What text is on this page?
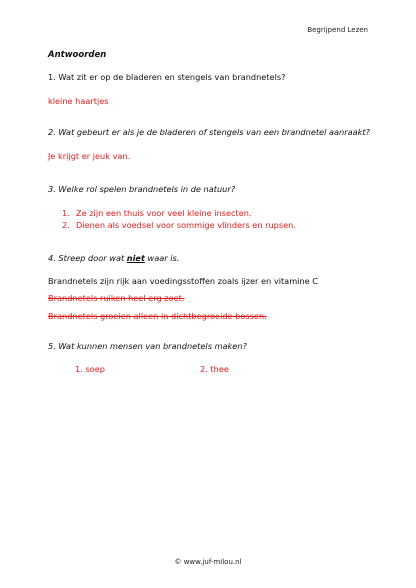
Begrijpend Lezen
Antwoorden
1. Wat zit er op de bladeren en stengels van brandnetels?
kleine haartjes
2. Wat gebeurt er als je de bladeren of stengels van een brandnetel aanraakt?
Je krijgt er jeuk van.
3. Welke rol spelen brandnetels in de natuur?
1. Ze zijn een thuis voor veel kleine insecten.
2. Dienen als voedsel voor sommige vlinders en rupsen.
4. Streep door wat niet waar is.
Brandnetels zijn rijk aan voedingsstoffen zoals ijzer en vitamine C
Brandnetels ruiken heel erg zoet.
Brandnetels groeien alleen in dichtbegroeide bossen.
5. Wat kunnen mensen van brandnetels maken?
1. soep	2. thee
© www.juf-milou.nl
